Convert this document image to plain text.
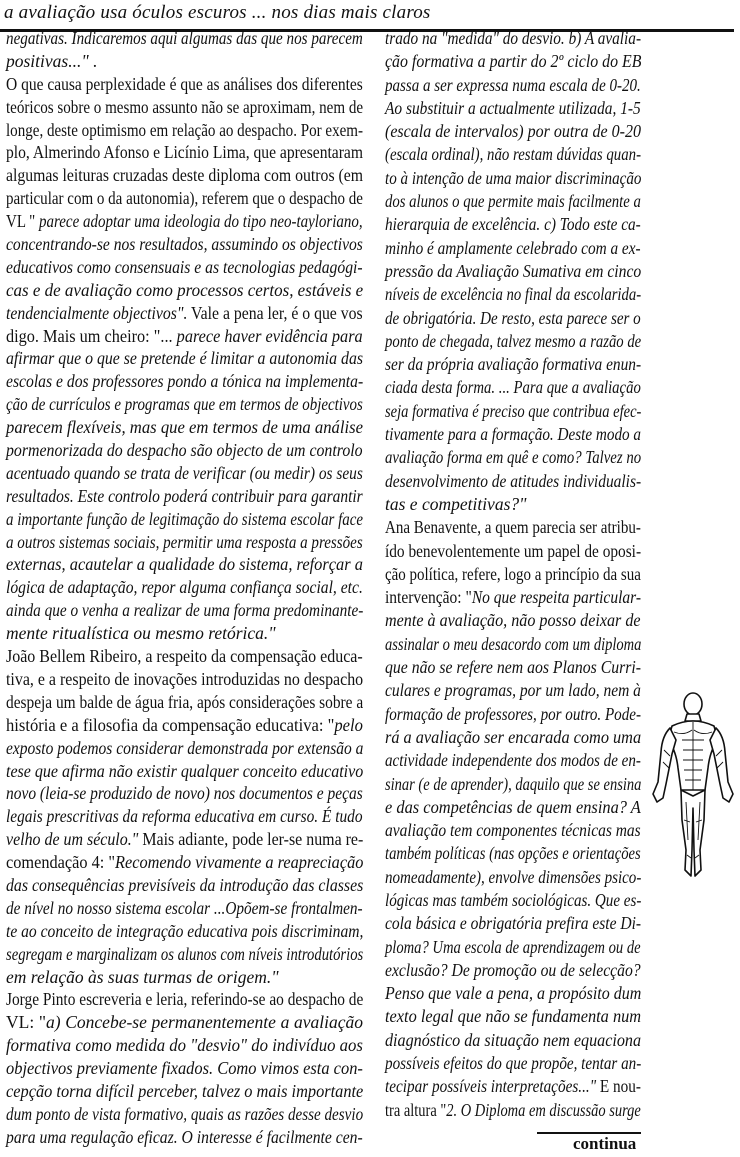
a avaliação usa óculos escuros ... nos dias mais claros
negativas. Indicaremos aqui algumas das que nos parecem
positivas..." .
O que causa perplexidade é que as análises dos diferentes
teóricos sobre o mesmo assunto não se aproximam, nem de
longe, deste optimismo em relação ao despacho. Por exem-
plo, Almerindo Afonso e Licínio Lima, que apresentaram
algumas leituras cruzadas deste diploma com outros (em
particular com o da autonomia), referem que o despacho de
VL " parece adoptar uma ideologia do tipo neo-tayloriano,
concentrando-se nos resultados, assumindo os objectivos
educativos como consensuais e as tecnologias pedagógi-
cas e de avaliação como processos certos, estáveis e
tendencialmente objectivos". Vale a pena ler, é o que vos
digo. Mais um cheiro: "... parece haver evidência para
afirmar que o que se pretende é limitar a autonomia das
escolas e dos professores pondo a tónica na implementa-
ção de currículos e programas que em termos de objectivos
parecem flexíveis, mas que em termos de uma análise
pormenorizada do despacho são objecto de um controlo
acentuado quando se trata de verificar (ou medir) os seus
resultados. Este controlo poderá contribuir para garantir
a importante função de legitimação do sistema escolar face
a outros sistemas sociais, permitir uma resposta a pressões
externas, acautelar a qualidade do sistema, reforçar a
lógica de adaptação, repor alguma confiança social, etc.
ainda que o venha a realizar de uma forma predominante-
mente ritualística ou mesmo retórica."
João Bellem Ribeiro, a respeito da compensação educa-
tiva, e a respeito de inovações introduzidas no despacho
despeja um balde de água fria, após considerações sobre a
história e a filosofia da compensação educativa: "pelo
exposto podemos considerar demonstrada por extensão a
tese que afirma não existir qualquer conceito educativo
novo (leia-se produzido de novo) nos documentos e peças
legais prescritivas da reforma educativa em curso. É tudo
velho de um século." Mais adiante, pode ler-se numa re-
comendação 4: "Recomendo vivamente a reapreciação
das consequências previsíveis da introdução das classes
de nível no nosso sistema escolar ...Opõem-se frontalmen-
te ao conceito de integração educativa pois discriminam,
segregam e marginalizam os alunos com níveis introdutórios
em relação às suas turmas de origem."
Jorge Pinto escreveria e leria, referindo-se ao despacho de
VL: "a) Concebe-se permanentemente a avaliação
formativa como medida do "desvio" do indivíduo aos
objectivos previamente fixados. Como vimos esta con-
cepção torna difícil perceber, talvez o mais importante
dum ponto de vista formativo, quais as razões desse desvio
para uma regulação eficaz. O interesse é facilmente cen-
trado na "medida" do desvio. b) A avalia-
ção formativa a partir do 2º ciclo do EB
passa a ser expressa numa escala de 0-20.
Ao substituir a actualmente utilizada, 1-5
(escala de intervalos) por outra de 0-20
(escala ordinal), não restam dúvidas quan-
to à intenção de uma maior discriminação
dos alunos o que permite mais facilmente a
hierarquia de excelência. c) Todo este ca-
minho é amplamente celebrado com a ex-
pressão da Avaliação Sumativa em cinco
níveis de excelência no final da escolarida-
de obrigatória. De resto, esta parece ser o
ponto de chegada, talvez mesmo a razão de
ser da própria avaliação formativa enun-
ciada desta forma. ... Para que a avaliação
seja formativa é preciso que contribua efec-
tivamente para a formação. Deste modo a
avaliação forma em quê e como? Talvez no
desenvolvimento de atitudes individualis-
tas e competitivas?"
Ana Benavente, a quem parecia ser atribu-
ído benevolentemente um papel de oposi-
ção política, refere, logo a princípio da sua
intervenção: "No que respeita particular-
mente à avaliação, não posso deixar de
assinalar o meu desacordo com um diploma
que não se refere nem aos Planos Curri-
culares e programas, por um lado, nem à
formação de professores, por outro. Pode-
rá a avaliação ser encarada como uma
actividade independente dos modos de en-
sinar (e de aprender), daquilo que se ensina
e das competências de quem ensina? A
avaliação tem componentes técnicas mas
também políticas (nas opções e orientações
nomeadamente), envolve dimensões psico-
lógicas mas também sociológicas. Que es-
cola básica e obrigatória prefira este Di-
ploma? Uma escola de aprendizagem ou de
exclusão? De promoção ou de selecção?
Penso que vale a pena, a propósito dum
texto legal que não se fundamenta num
diagnóstico da situação nem equaciona
possíveis efeitos do que propõe, tentar an-
tecipar possíveis interpretações..." E nou-
tra altura "2. O Diploma em discussão surge
continua
